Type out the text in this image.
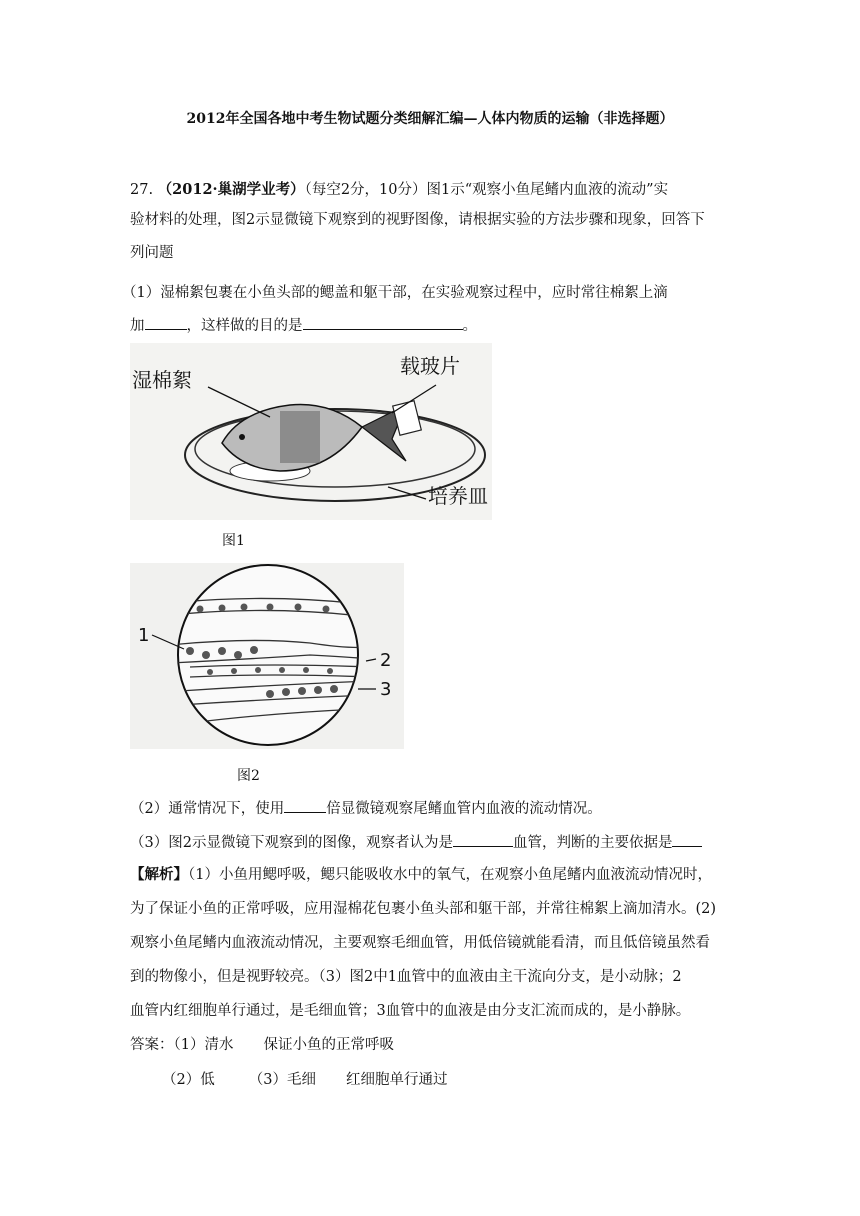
2012年全国各地中考生物试题分类细解汇编—人体内物质的运输（非选择题）
27. （2012·巢湖学业考）（每空2分，10分）图1示“观察小鱼尾鳍内血液的流动”实
验材料的处理，图2示显微镜下观察到的视野图像，请根据实验的方法步骤和现象，回答下
列问题
（1）湿棉絮包裹在小鱼头部的鳃盖和躯干部，在实验观察过程中，应时常往棉絮上滴
加	，这样做的目的是	。
湿棉絮
载玻片
培养皿
图1
1
2
3
图2
（2）通常情况下，使用	倍显微镜观察尾鳍血管内血液的流动情况。
（3）图2示显微镜下观察到的图像，观察者认为是	血管，判断的主要依据是
【解析】（1）小鱼用鳃呼吸，鳃只能吸收水中的氧气，在观察小鱼尾鳍内血液流动情况时，
为了保证小鱼的正常呼吸，应用湿棉花包裹小鱼头部和躯干部，并常往棉絮上滴加清水。(2)
观察小鱼尾鳍内血液流动情况，主要观察毛细血管，用低倍镜就能看清，而且低倍镜虽然看
到的物像小，但是视野较亮。（3）图2中1血管中的血液由主干流向分支，是小动脉；2
血管内红细胞单行通过，是毛细血管；3血管中的血液是由分支汇流而成的，是小静脉。
答案：（1）清水 保证小鱼的正常呼吸
（2）低 （3）毛细 红细胞单行通过
